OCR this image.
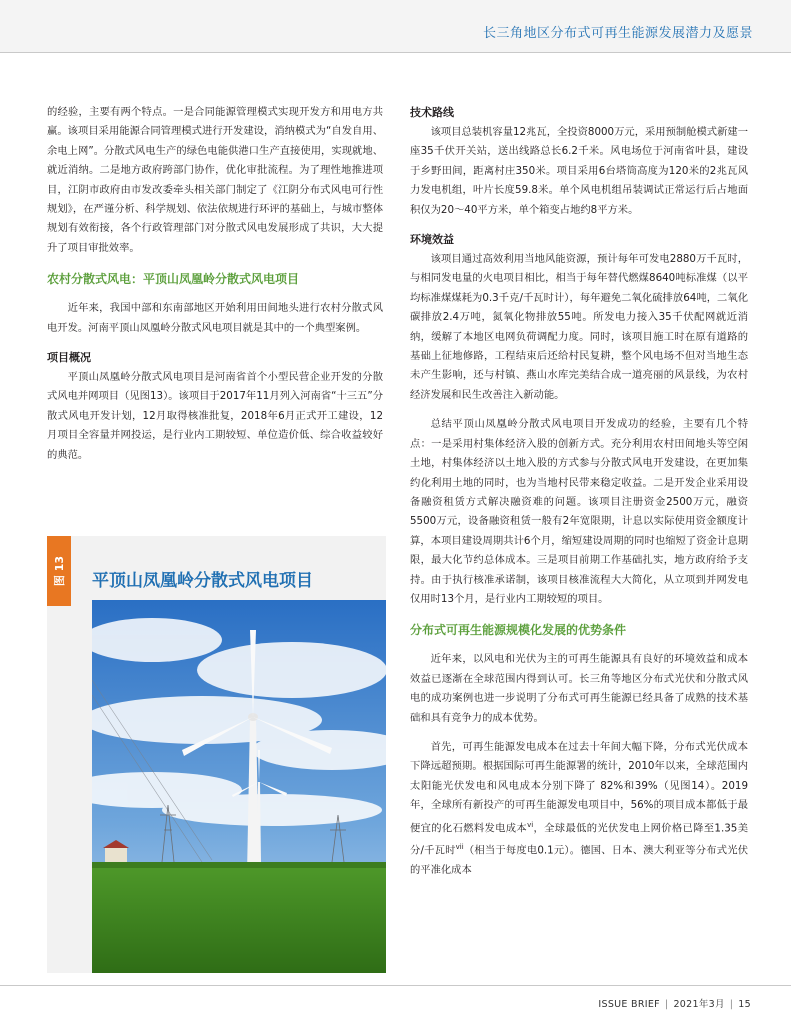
长三角地区分布式可再生能源发展潜力及愿景

的经验，主要有两个特点。一是合同能源管理模式实现开发方和用电方共赢。该项目采用能源合同管理模式进行开发建设，消纳模式为“自发自用、余电上网”。分散式风电生产的绿色电能供港口生产直接使用，实现就地、就近消纳。二是地方政府跨部门协作，优化审批流程。为了理性地推进项目，江阴市政府由市发改委牵头相关部门制定了《江阴分布式风电可行性规划》，在严谨分析、科学规划、依法依规进行环评的基础上，与城市整体规划有效衔接，各个行政管理部门对分散式风电发展形成了共识，大大提升了项目审批效率。

农村分散式风电：平顶山凤凰岭分散式风电项目

近年来，我国中部和东南部地区开始利用田间地头进行农村分散式风电开发。河南平顶山凤凰岭分散式风电项目就是其中的一个典型案例。

项目概况

平顶山凤凰岭分散式风电项目是河南省首个小型民营企业开发的分散式风电并网项目（见图13）。该项目于2017年11月列入河南省“十三五”分散式风电开发计划，12月取得核准批复，2018年6月正式开工建设，12月项目全容量并网投运，是行业内工期较短、单位造价低、综合收益较好的典范。

图 13 平顶山凤凰岭分散式风电项目
技术路线

该项目总装机容量12兆瓦，全投资8000万元，采用预制舱模式新建一座35千伏开关站，送出线路总长6.2千米。风电场位于河南省叶县，建设于乡野田间，距离村庄350米。项目采用6台塔筒高度为120米的2兆瓦风力发电机组，叶片长度59.8米。单个风电机组吊装调试正常运行后占地面积仅为20～40平方米，单个箱变占地约8平方米。

环境效益

该项目通过高效利用当地风能资源，预计每年可发电2880万千瓦时，与相同发电量的火电项目相比，相当于每年替代燃煤8640吨标准煤（以平均标准煤煤耗为0.3千克/千瓦时计），每年避免二氧化硫排放64吨，二氧化碳排放2.4万吨，氮氧化物排放55吨。所发电力接入35千伏配网就近消纳，缓解了本地区电网负荷调配力度。同时，该项目施工时在原有道路的基础上征地修路，工程结束后还给村民复耕，整个风电场不但对当地生态未产生影响，还与村镇、燕山水库完美结合成一道亮丽的风景线，为农村经济发展和民生改善注入新动能。

总结平顶山凤凰岭分散式风电项目开发成功的经验，主要有几个特点：一是采用村集体经济入股的创新方式。充分利用农村田间地头等空闲土地，村集体经济以土地入股的方式参与分散式风电开发建设，在更加集约化利用土地的同时，也为当地村民带来稳定收益。二是开发企业采用设备融资租赁方式解决融资难的问题。该项目注册资金2500万元，融资5500万元，设备融资租赁一般有2年宽限期，计息以实际使用资金额度计算，本项目建设周期共计6个月，缩短建设周期的同时也缩短了资金计息期限，最大化节约总体成本。三是项目前期工作基础扎实，地方政府给予支持。由于执行核准承诺制，该项目核准流程大大简化，从立项到并网发电仅用时13个月，是行业内工期较短的项目。

分布式可再生能源规模化发展的优势条件

近年来，以风电和光伏为主的可再生能源具有良好的环境效益和成本效益已逐渐在全球范围内得到认可。长三角等地区分布式光伏和分散式风电的成功案例也进一步说明了分布式可再生能源已经具备了成熟的技术基础和具有竞争力的成本优势。

首先，可再生能源发电成本在过去十年间大幅下降，分布式光伏成本下降远超预期。根据国际可再生能源署的统计，2010年以来，全球范围内太阳能光伏发电和风电成本分别下降了 82%和39%（见图14）。2019年，全球所有新投产的可再生能源发电项目中，56%的项目成本都低于最便宜的化石燃料发电成本$^{vi}$，全球最低的光伏发电上网价格已降至1.35美分/千瓦时$^{vii}$（相当于每度电0.1元）。德国、日本、澳大利亚等分布式光伏的平准化成本

ISSUE BRIEF | 2021年3月 | 15
